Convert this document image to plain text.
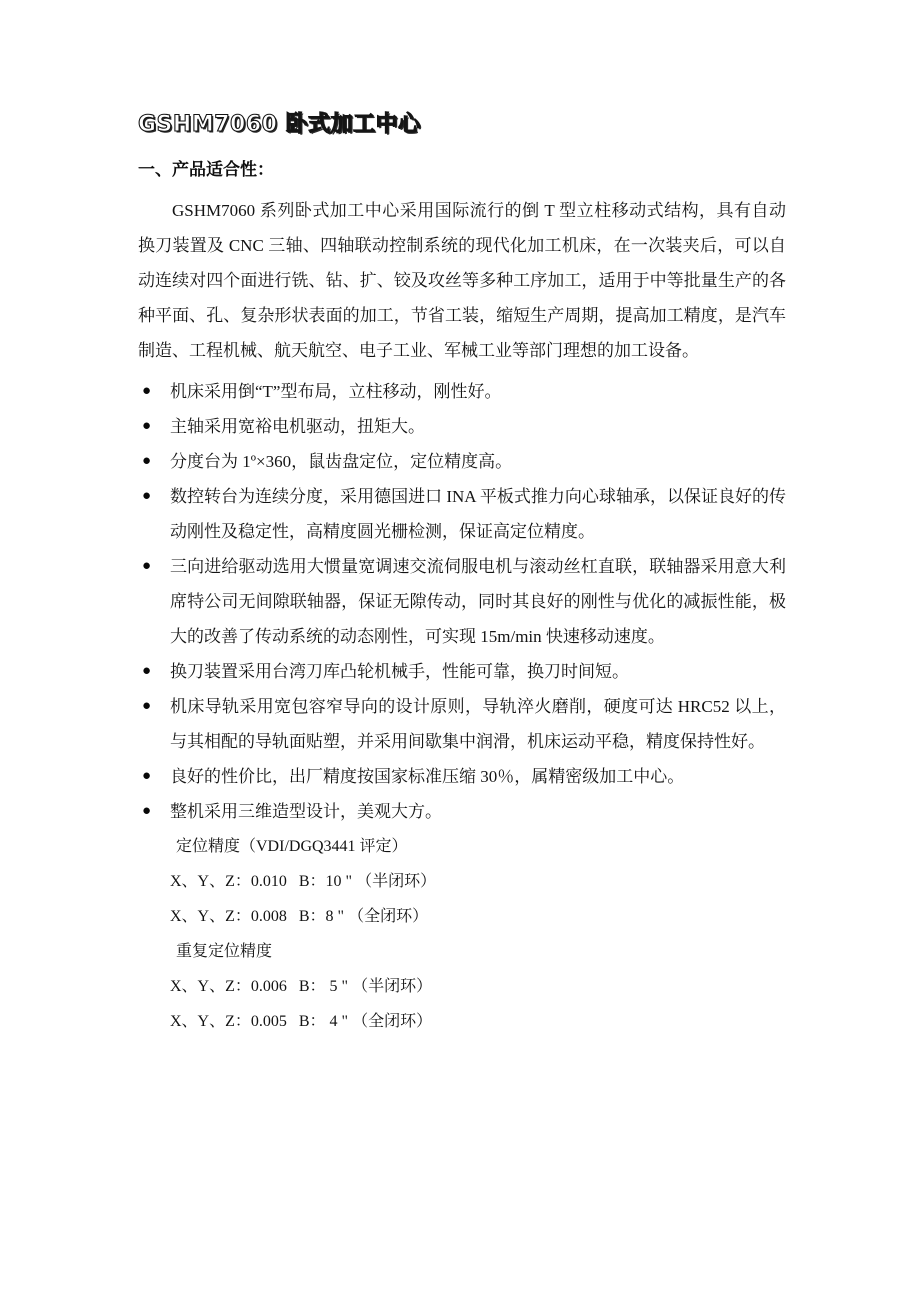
GSHM7060 卧式加工中心
一、产品适合性：

GSHM7060 系列卧式加工中心采用国际流行的倒 T 型立柱移动式结构，具有自动换刀装置及 CNC 三轴、四轴联动控制系统的现代化加工机床，在一次装夹后，可以自动连续对四个面进行铣、钻、扩、铰及攻丝等多种工序加工，适用于中等批量生产的各种平面、孔、复杂形状表面的加工，节省工装，缩短生产周期，提高加工精度，是汽车制造、工程机械、航天航空、电子工业、军械工业等部门理想的加工设备。

● 机床采用倒“T”型布局，立柱移动，刚性好。
● 主轴采用宽裕电机驱动，扭矩大。
● 分度台为 1º×360，鼠齿盘定位，定位精度高。
● 数控转台为连续分度，采用德国进口 INA 平板式推力向心球轴承，以保证良好的传动刚性及稳定性，高精度圆光栅检测，保证高定位精度。
● 三向进给驱动选用大惯量宽调速交流伺服电机与滚动丝杠直联，联轴器采用意大利席特公司无间隙联轴器，保证无隙传动，同时其良好的刚性与优化的减振性能，极大的改善了传动系统的动态刚性，可实现 15m/min 快速移动速度。
● 换刀装置采用台湾刀库凸轮机械手，性能可靠，换刀时间短。
● 机床导轨采用宽包容窄导向的设计原则，导轨淬火磨削，硬度可达 HRC52 以上，与其相配的导轨面贴塑，并采用间歇集中润滑，机床运动平稳，精度保持性好。
● 良好的性价比，出厂精度按国家标准压缩 30％，属精密级加工中心。
● 整机采用三维造型设计，美观大方。
定位精度（VDI/DGQ3441 评定）
X、Y、Z：0.010   B：10 " （半闭环）
X、Y、Z：0.008   B：8 " （全闭环）
重复定位精度
X、Y、Z：0.006   B： 5 " （半闭环）
X、Y、Z：0.005   B： 4 " （全闭环）
